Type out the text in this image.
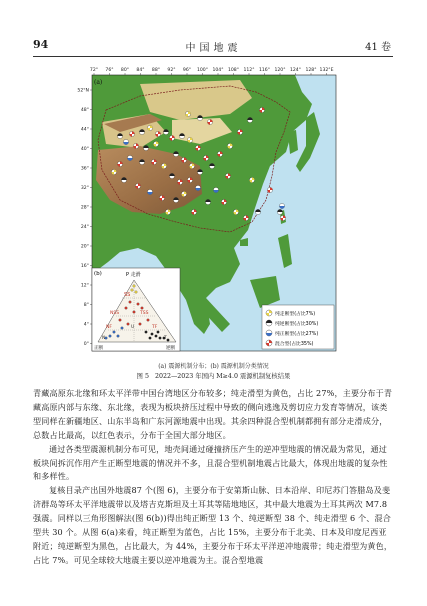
94	中国地震	41 卷
72° 76° 80° 84° 88° 92° 96° 100° 104° 108° 112° 116° 120° 124° 128° 132°E
52°N
48°
44°
40°
36°
32°
28°
24°
20°
16°
12°
8°
4°
0°
(a)
(b)	P 走滑
SS
NSS	TSS
NF	TF
U
N	T
正断	逆断
纯走断型(占比7%)
纯逆断型(占比30%)
纯正断型(占比27%)
混合型(占比35%)
(a) 震源机制分布；(b) 震源机制分类情况
图 5 2022—2023 年国内 M≥4.0 震源机制复核结果

青藏高原东北缘和环太平洋带中国台湾地区分布较多；纯走滑型为黄色，占比 27%，主要分布于青藏高原内部与东缘、东北缘，表现为板块挤压过程中导致的侧向逃逸及剪切应力发育等情况，该类型同样在新疆地区、山东半岛和广东河源地震中出现。其余四种混合型机制都拥有部分走滑成分，总数占比最高，以红色表示，分布于全国大部分地区。

通过各类型震源机制分布可见，地壳间通过碰撞挤压产生的逆冲型地震的情况最为常见，通过板块间拆沉作用产生正断型地震的情况并不多，且混合型机制地震占比最大，体现出地震的复杂性和多样性。

复核目录产出国外地震87 个(图 6)，主要分布于安第斯山脉、日本沿岸、印尼苏门答腊岛及斐济群岛等环太平洋地震带以及塔吉克斯坦及土耳其等陆地地区，其中最大地震为土耳其两次 M7.8 强震。同样以三角形图解法(图 6(b))得出纯正断型 13 个、纯逆断型 38 个、纯走滑型 6 个、混合型共 30 个。从图 6(a)来看，纯正断型为蓝色，占比 15%，主要分布于北美、日本及印度尼西亚附近；纯逆断型为黑色，占比最大，为 44%，主要分布于环太平洋逆冲地震带；纯走滑型为黄色，占比 7%。可见全球较大地震主要以逆冲地震为主。混合型地震
